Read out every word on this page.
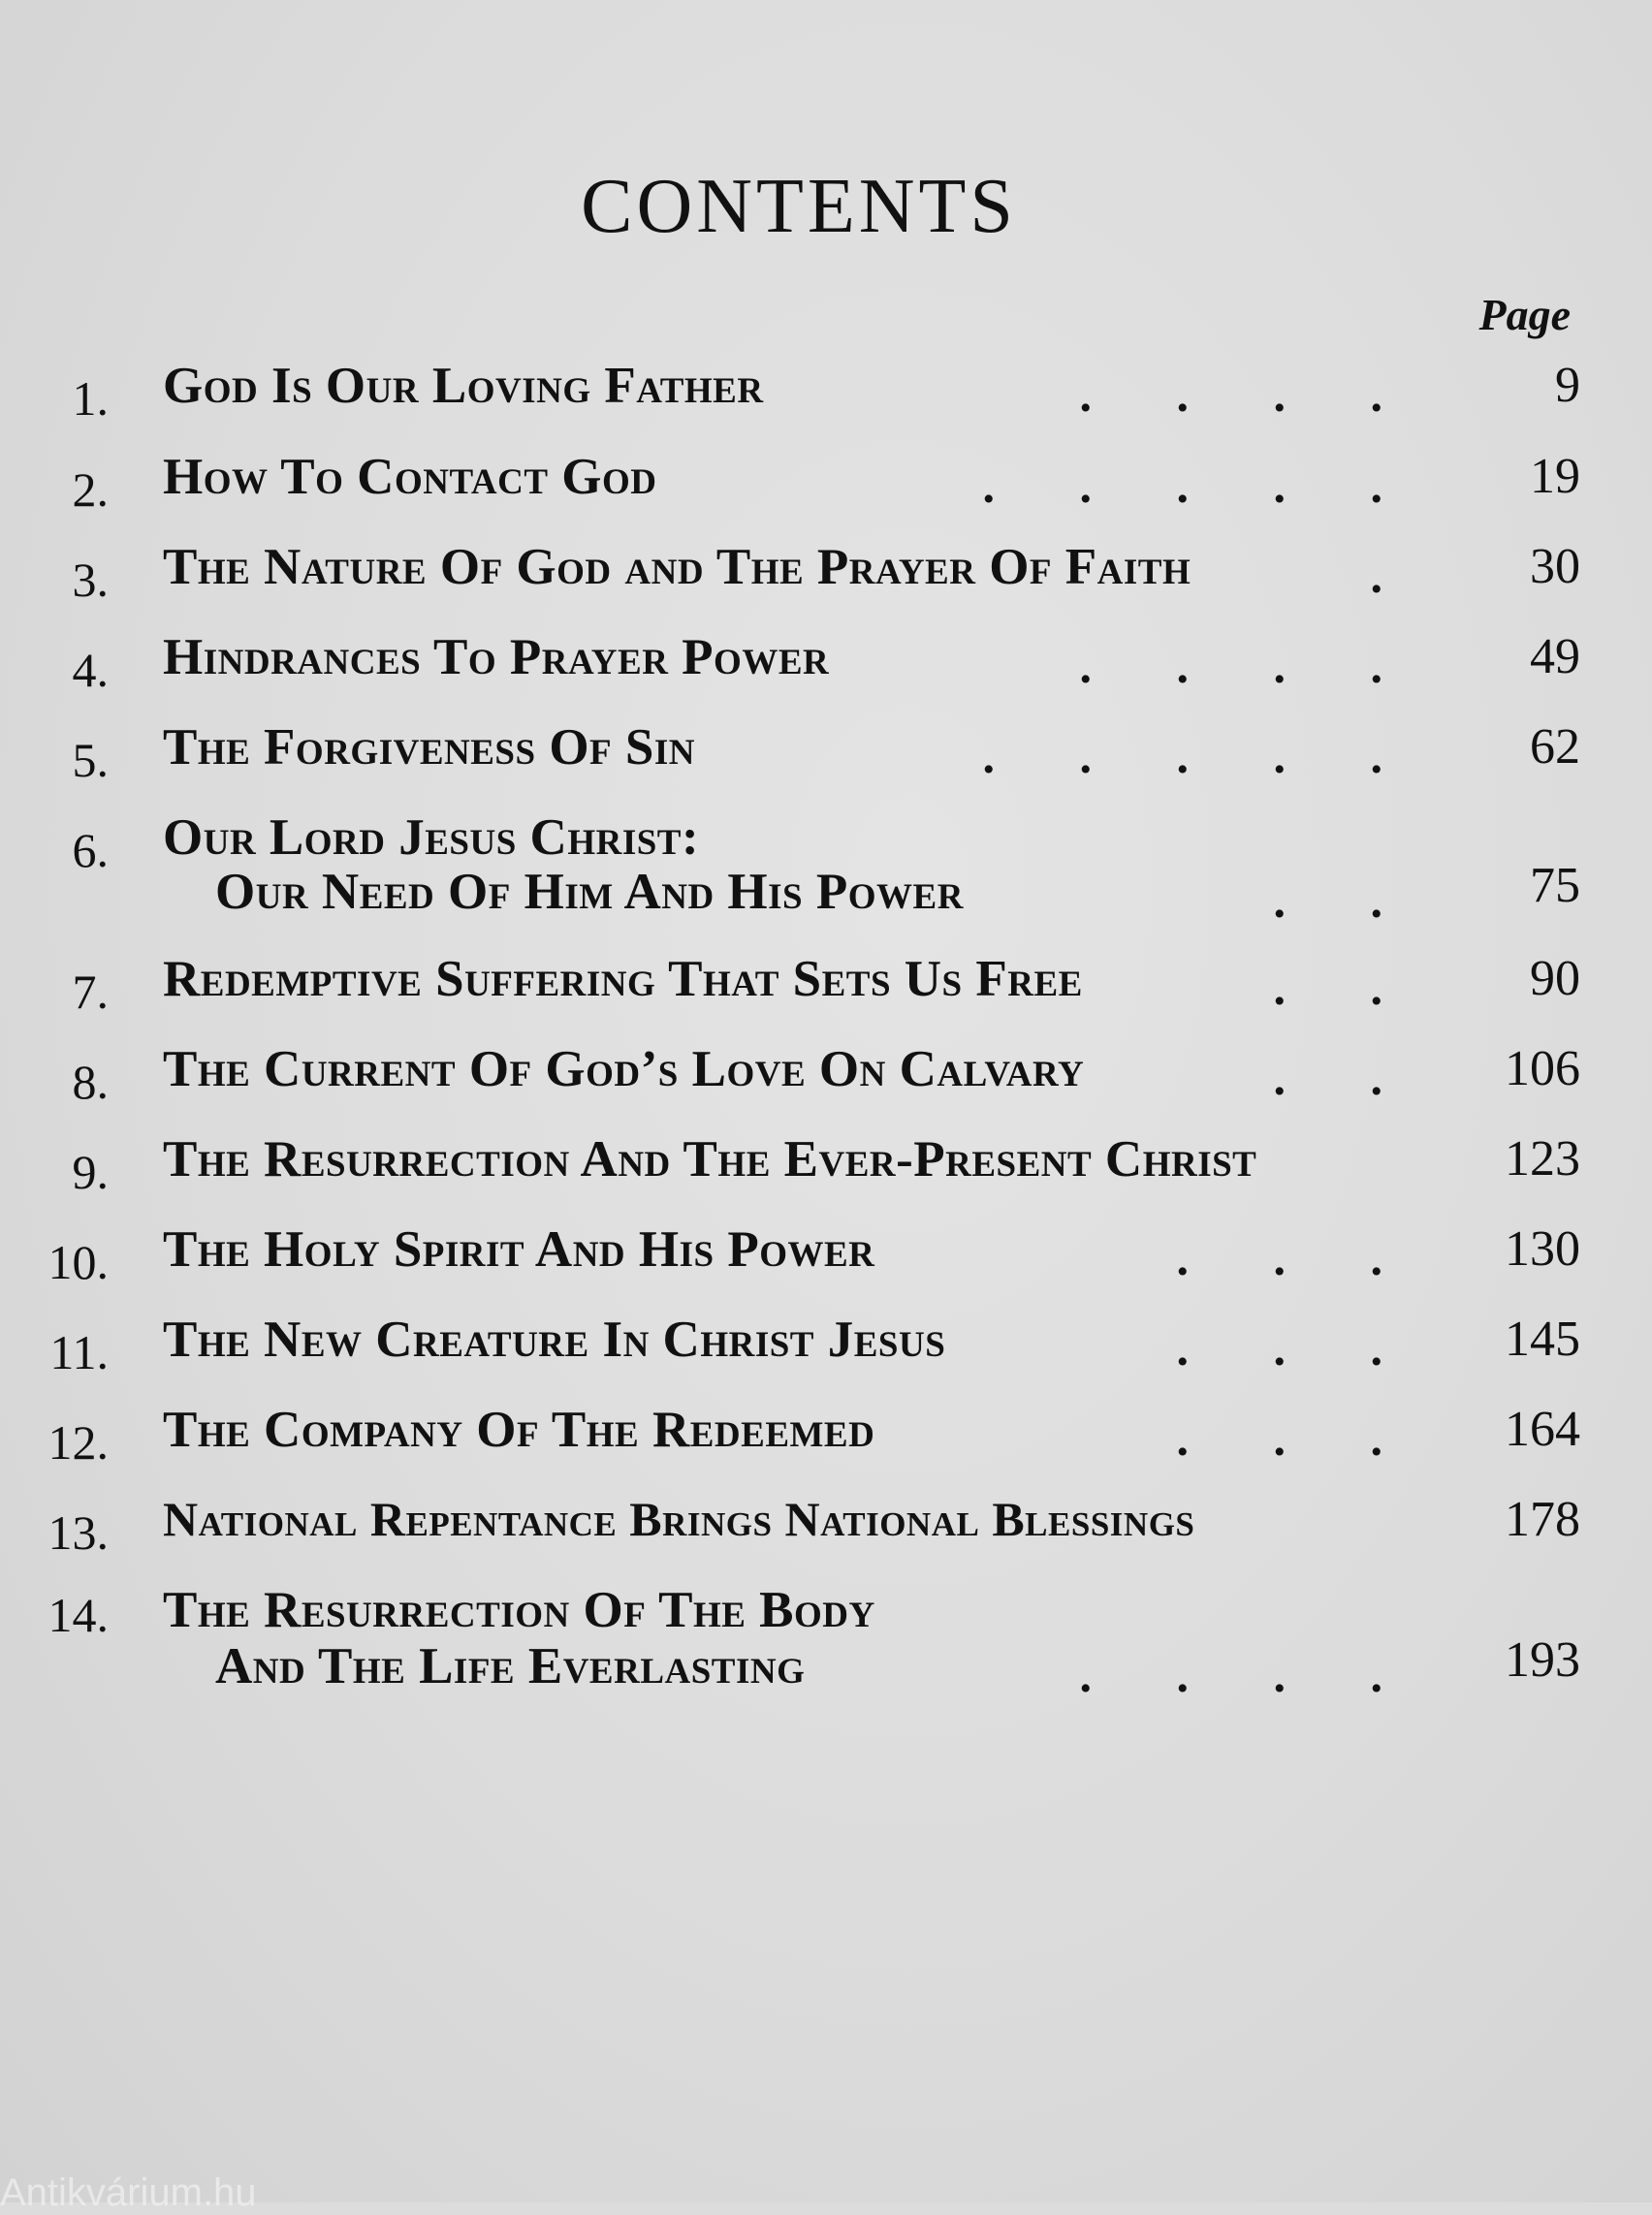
CONTENTS
Page
1. God Is Our Loving Father	.       .       .       .	9
2. How To Contact God	.       .       .       .       .	19
3. The Nature Of God and The Prayer Of Faith	.	30
4. Hindrances To Prayer Power	.       .       .       .	49
5. The Forgiveness Of Sin	.       .       .       .       .	62
6. Our Lord Jesus Christ:
Our Need Of Him And His Power	.       .	75
7. Redemptive Suffering That Sets Us Free	.       .	90
8. The Current Of God’s Love On Calvary	.       .	106
9. The Resurrection And The Ever-Present Christ	123
10. The Holy Spirit And His Power	.       .       .	130
11. The New Creature In Christ Jesus	.       .       .	145
12. The Company Of The Redeemed	.       .       .	164
13. National Repentance Brings National Blessings	178
14. The Resurrection Of The Body
And The Life Everlasting	.       .       .       .	193
Antikvárium.hu
